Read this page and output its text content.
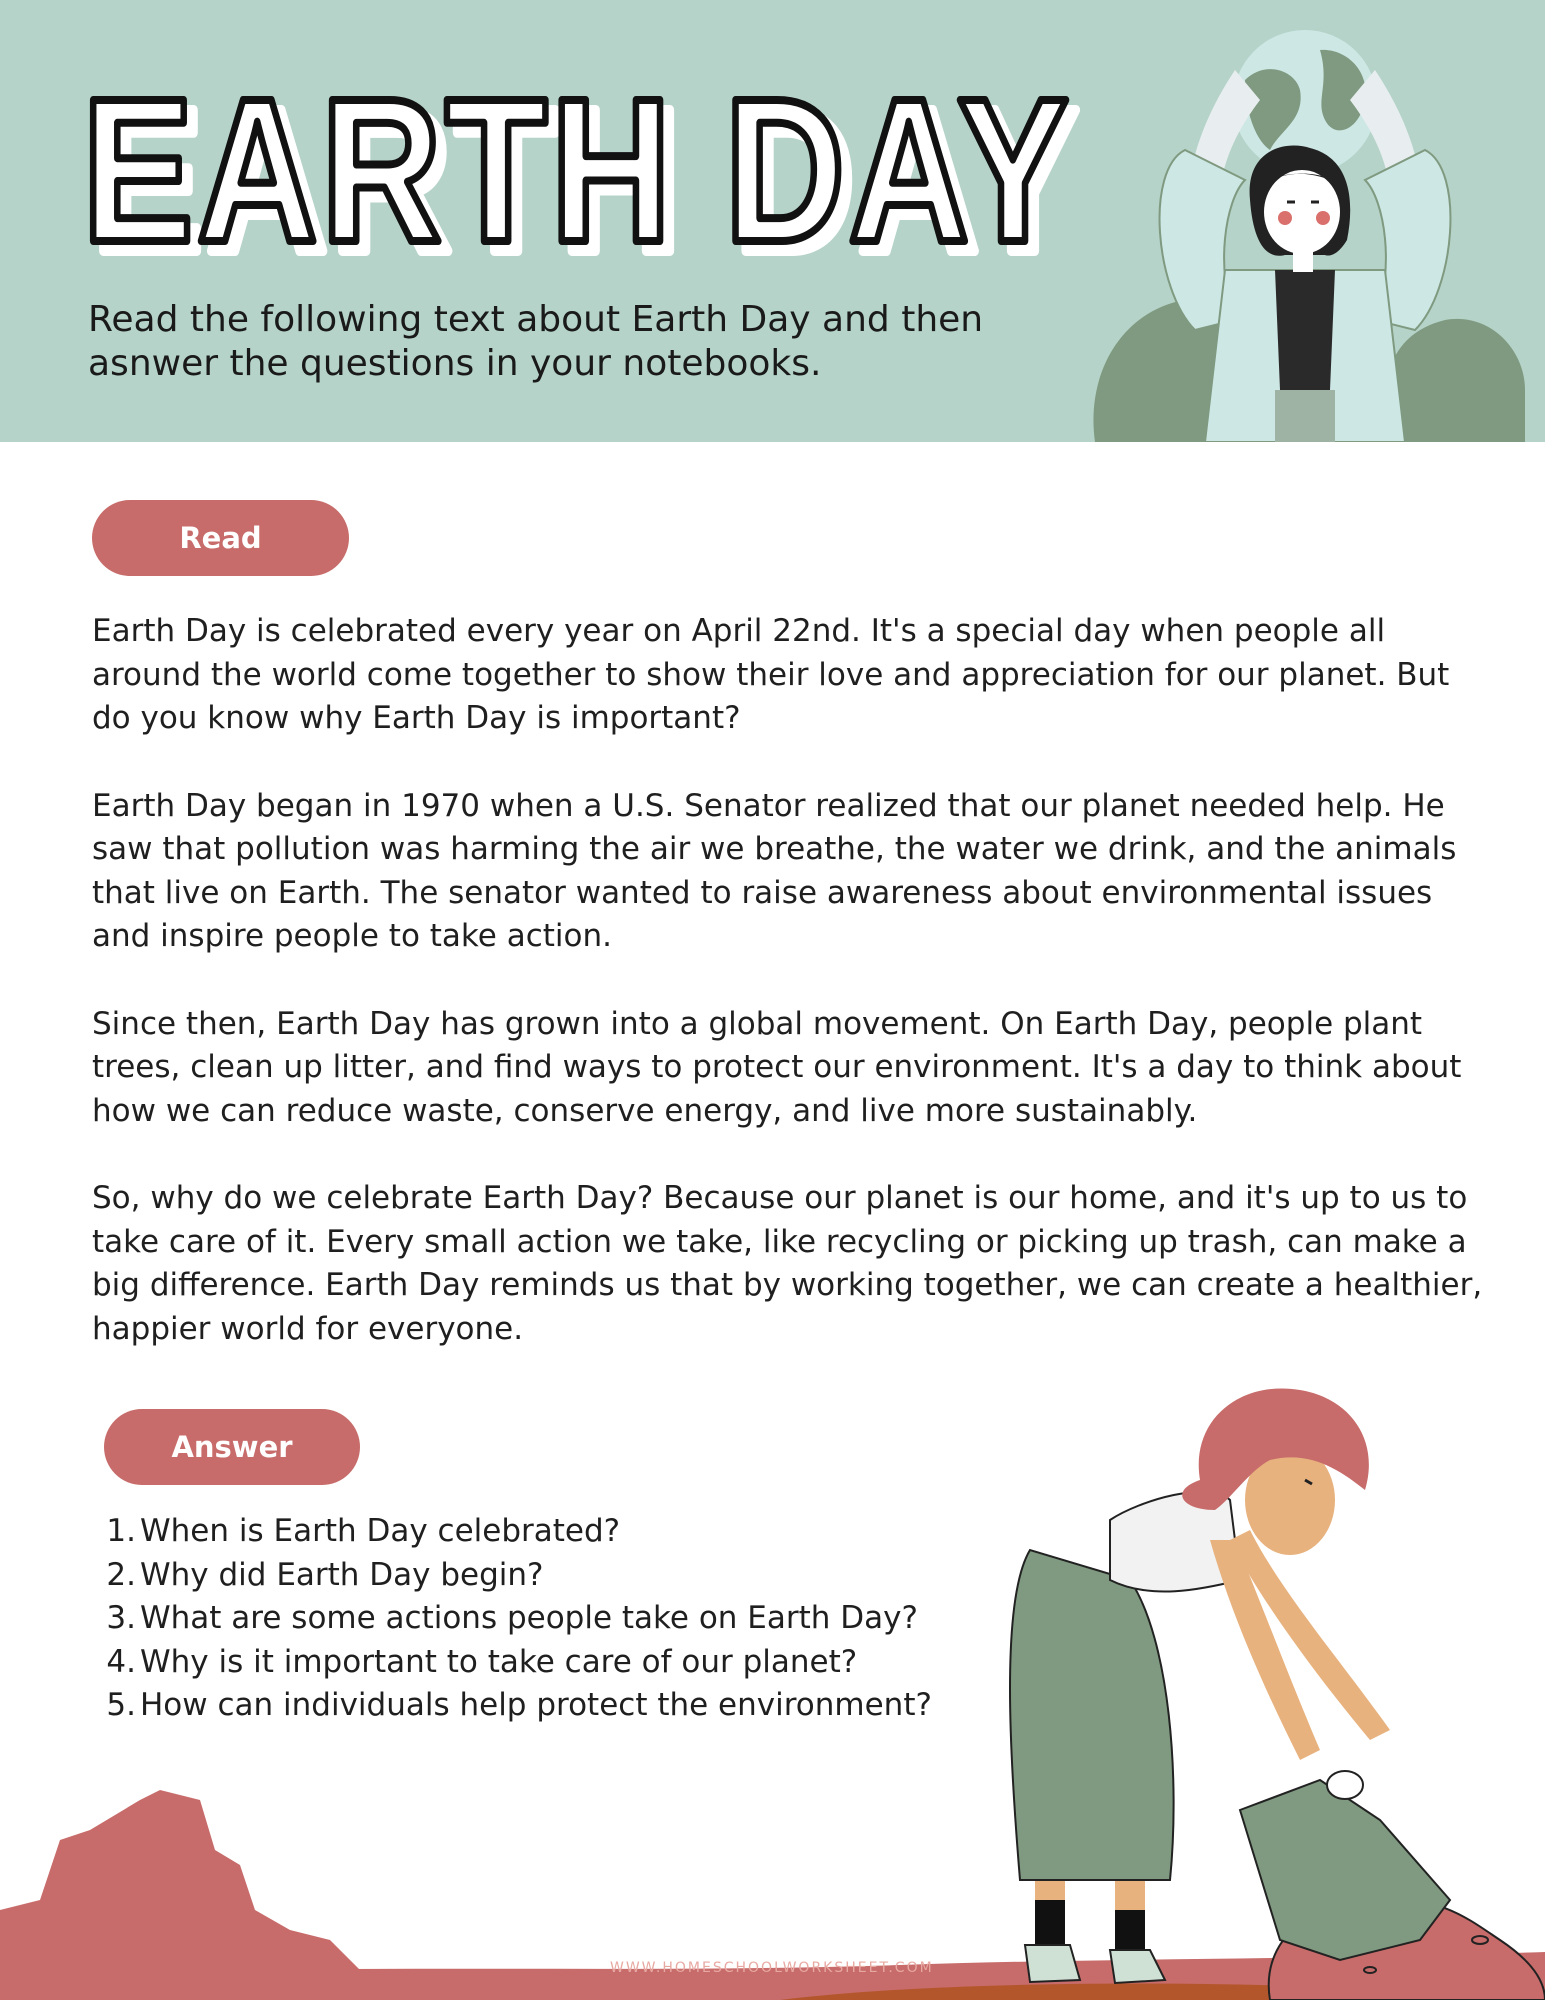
EARTH DAY
EARTH DAY
Read the following text about Earth Day and then
asnwer the questions in your notebooks.
Read

Earth Day is celebrated every year on April 22nd. It's a special day when people all around the world come together to show their love and appreciation for our planet. But do you know why Earth Day is important?

Earth Day began in 1970 when a U.S. Senator realized that our planet needed help. He saw that pollution was harming the air we breathe, the water we drink, and the animals that live on Earth. The senator wanted to raise awareness about environmental issues and inspire people to take action.

Since then, Earth Day has grown into a global movement. On Earth Day, people plant trees, clean up litter, and find ways to protect our environment. It's a day to think about how we can reduce waste, conserve energy, and live more sustainably.

So, why do we celebrate Earth Day? Because our planet is our home, and it's up to us to take care of it. Every small action we take, like recycling or picking up trash, can make a big difference. Earth Day reminds us that by working together, we can create a healthier, happier world for everyone.

Answer
1. When is Earth Day celebrated?
2. Why did Earth Day begin?
3. What are some actions people take on Earth Day?
4. Why is it important to take care of our planet?
5. How can individuals help protect the environment?
WWW.HOMESCHOOLWORKSHEET.COM
